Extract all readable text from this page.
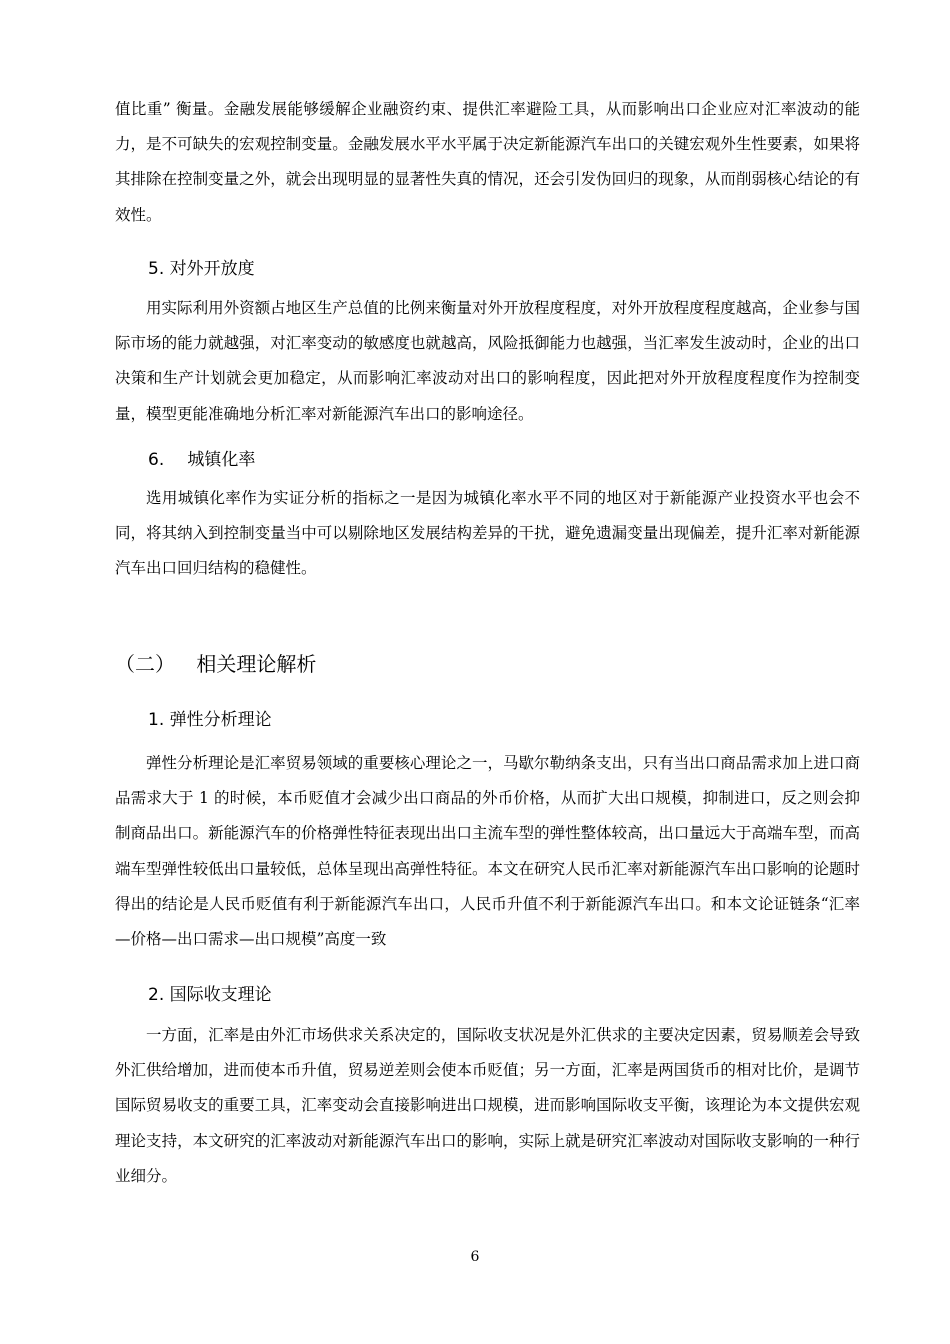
值比重” 衡量。金融发展能够缓解企业融资约束、提供汇率避险工具，从而影响出口企业应对汇率波动的能力，是不可缺失的宏观控制变量。金融发展水平水平属于决定新能源汽车出口的关键宏观外生性要素，如果将其排除在控制变量之外，就会出现明显的显著性失真的情况，还会引发伪回归的现象，从而削弱核心结论的有效性。

5. 对外开放度

用实际利用外资额占地区生产总值的比例来衡量对外开放程度程度，对外开放程度程度越高，企业参与国际市场的能力就越强，对汇率变动的敏感度也就越高，风险抵御能力也越强，当汇率发生波动时，企业的出口决策和生产计划就会更加稳定，从而影响汇率波动对出口的影响程度，因此把对外开放程度程度作为控制变量，模型更能准确地分析汇率对新能源汽车出口的影响途径。

6. 城镇化率

选用城镇化率作为实证分析的指标之一是因为城镇化率水平不同的地区对于新能源产业投资水平也会不同，将其纳入到控制变量当中可以剔除地区发展结构差异的干扰，避免遗漏变量出现偏差，提升汇率对新能源汽车出口回归结构的稳健性。

（二） 相关理论解析
1. 弹性分析理论

弹性分析理论是汇率贸易领域的重要核心理论之一，马歇尔勒纳条支出，只有当出口商品需求加上进口商品需求大于 1 的时候，本币贬值才会减少出口商品的外币价格，从而扩大出口规模，抑制进口，反之则会抑制商品出口。新能源汽车的价格弹性特征表现出出口主流车型的弹性整体较高，出口量远大于高端车型，而高端车型弹性较低出口量较低，总体呈现出高弹性特征。本文在研究人民币汇率对新能源汽车出口影响的论题时得出的结论是人民币贬值有利于新能源汽车出口，人民币升值不利于新能源汽车出口。和本文论证链条“汇率—价格—出口需求—出口规模”高度一致

2. 国际收支理论

一方面，汇率是由外汇市场供求关系决定的，国际收支状况是外汇供求的主要决定因素，贸易顺差会导致外汇供给增加，进而使本币升值，贸易逆差则会使本币贬值；另一方面，汇率是两国货币的相对比价，是调节国际贸易收支的重要工具，汇率变动会直接影响进出口规模，进而影响国际收支平衡，该理论为本文提供宏观理论支持，本文研究的汇率波动对新能源汽车出口的影响，实际上就是研究汇率波动对国际收支影响的一种行业细分。

6
